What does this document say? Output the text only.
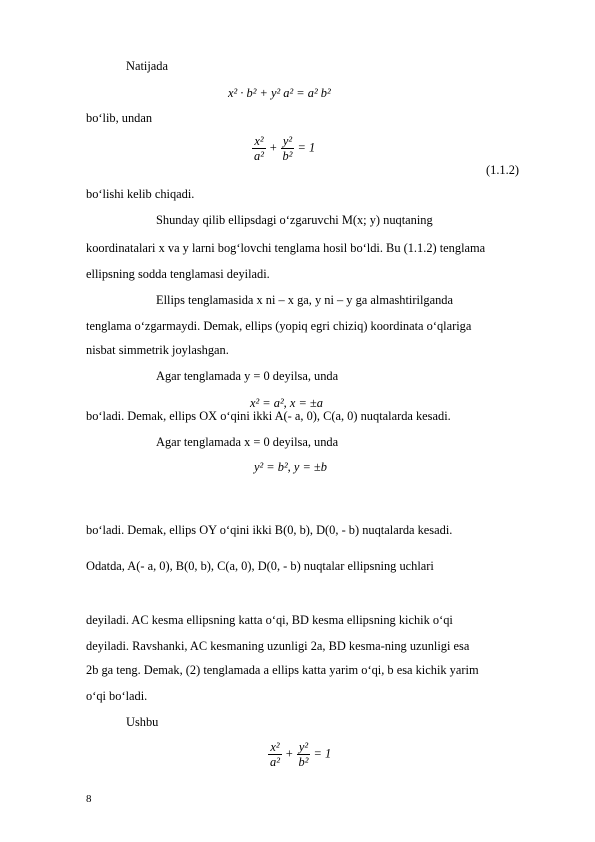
Natijada
x² · b² + y² a² = a² b²
bo‘lib, undan
$\frac{\text{x²}}{\text{a²}} + \frac{\text{y²}}{\text{b²}} = 1$
(1.1.2)
bo‘lishi kelib chiqadi.
Shunday qilib ellipsdagi o‘zgaruvchi M(x; y) nuqtaning
koordinatalari x va y larni bog‘lovchi tenglama hosil bo‘ldi. Bu (1.1.2) tenglama
ellipsning sodda tenglamasi deyiladi.
Ellips tenglamasida x ni – x ga, y ni – y ga almashtirilganda
tenglama o‘zgarmaydi. Demak, ellips (yopiq egri chiziq) koordinata o‘qlariga
nisbat simmetrik joylashgan.
Agar tenglamada y = 0 deyilsa, unda
x² = a², x = ±a
bo‘ladi. Demak, ellips OX o‘qini ikki A(- a, 0), C(a, 0) nuqtalarda kesadi.
Agar tenglamada x = 0 deyilsa, unda
y² = b², y = ±b
bo‘ladi. Demak, ellips OY o‘qini ikki B(0, b), D(0, - b) nuqtalarda kesadi.
Odatda, A(- a, 0), B(0, b), C(a, 0), D(0, - b) nuqtalar ellipsning uchlari
deyiladi. AC kesma ellipsning katta o‘qi, BD kesma ellipsning kichik o‘qi
deyiladi. Ravshanki, AC kesmaning uzunligi 2a, BD kesma-ning uzunligi esa
2b ga teng. Demak, (2) tenglamada a ellips katta yarim o‘qi, b esa kichik yarim
o‘qi bo‘ladi.
Ushbu
$\frac{\text{x²}}{\text{a²}} + \frac{\text{y²}}{\text{b²}} = 1$
8
